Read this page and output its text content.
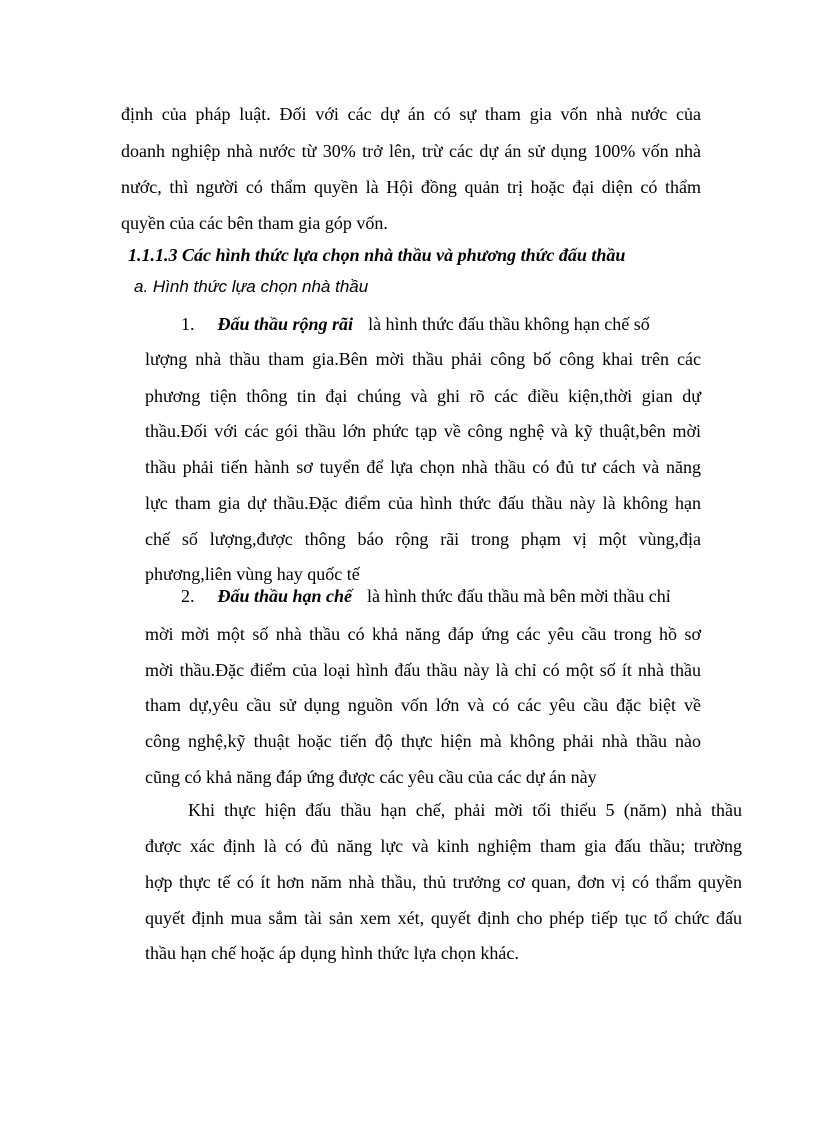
định của pháp luật. Đối với các dự án có sự tham gia vốn nhà nước của
doanh nghiệp nhà nước từ 30% trở lên, trừ các dự án sử dụng 100% vốn nhà
nước, thì người có thẩm quyền là Hội đồng quản trị hoặc đại diện có thẩm
quyền của các bên tham gia góp vốn.
1.1.1.3 Các hình thức lựa chọn nhà thầu và phương thức đấu thầu
a. Hình thức lựa chọn nhà thầu
1. Đấu thầu rộng rãi là hình thức đấu thầu không hạn chế số
lượng nhà thầu tham gia.Bên mời thầu phải công bố công khai trên các
phương tiện thông tin đại chúng và ghi rõ các điều kiện,thời gian dự
thầu.Đối với các gói thầu lớn phức tạp về công nghệ và kỹ thuật,bên mời
thầu phải tiến hành sơ tuyển để lựa chọn nhà thầu có đủ tư cách và năng
lực tham gia dự thầu.Đặc điểm của hình thức đấu thầu này là không hạn
chế số lượng,được thông báo rộng rãi trong phạm vị một vùng,địa
phương,liên vùng hay quốc tế
2. Đấu thầu hạn chế là hình thức đấu thầu mà bên mời thầu chỉ
mời mời một số nhà thầu có khả năng đáp ứng các yêu cầu trong hồ sơ
mời thầu.Đặc điểm của loại hình đấu thầu này là chỉ có một số ít nhà thầu
tham dự,yêu cầu sử dụng nguồn vốn lớn và có các yêu cầu đặc biệt về
công nghệ,kỹ thuật hoặc tiến độ thực hiện mà không phải nhà thầu nào
cũng có khả năng đáp ứng được các yêu cầu của các dự án này
Khi thực hiện đấu thầu hạn chế, phải mời tối thiểu 5 (năm) nhà thầu
được xác định là có đủ năng lực và kinh nghiệm tham gia đấu thầu; trường
hợp thực tế có ít hơn năm nhà thầu, thủ trưởng cơ quan, đơn vị có thẩm quyền
quyết định mua sắm tài sản xem xét, quyết định cho phép tiếp tục tổ chức đấu
thầu hạn chế hoặc áp dụng hình thức lựa chọn khác.
